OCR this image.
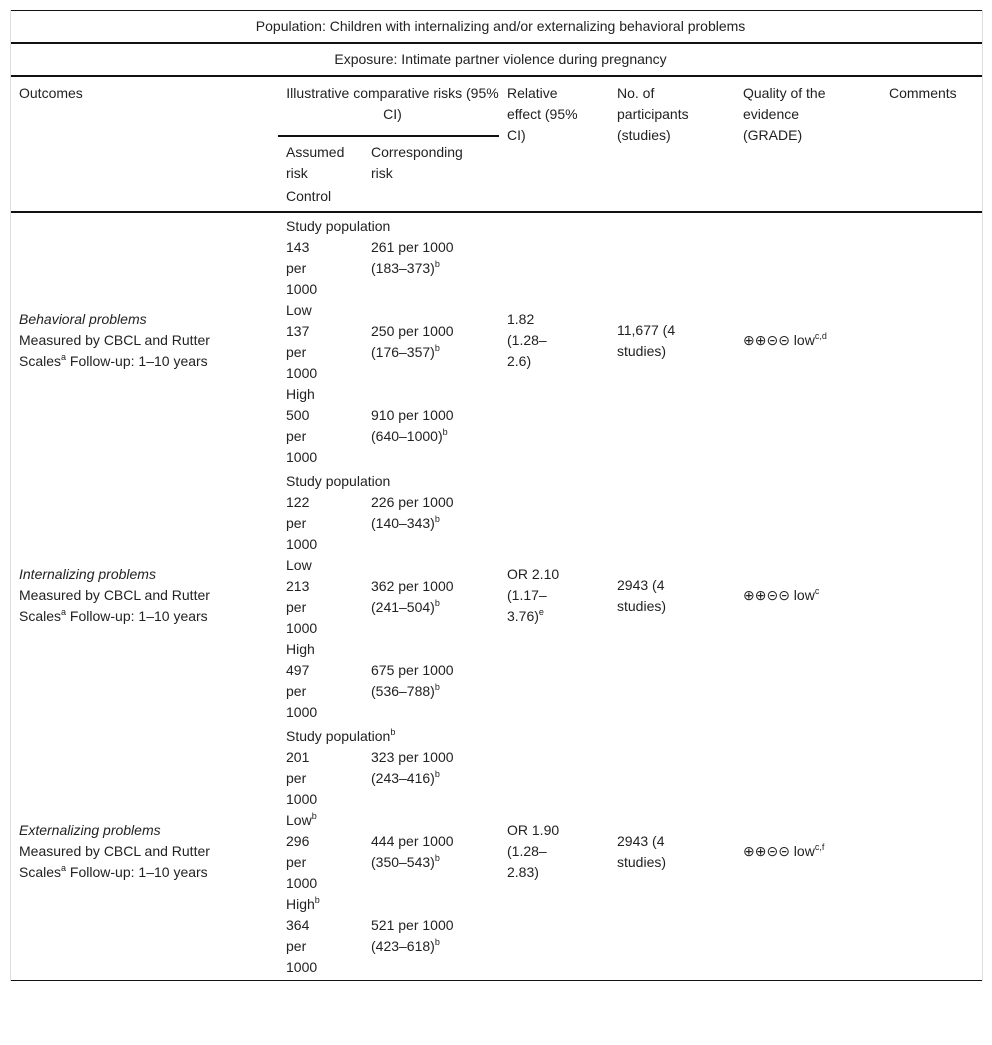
Population: Children with internalizing and/or externalizing behavioral problems						
Exposure: Intimate partner violence during pregnancy						
Outcomes	Illustrative comparative risks (95% CI)		Relative effect (95% CI)	No. of participants (studies)	Quality of the evidence (GRADE)	Comments

	Assumed risk	Corresponding risk				

	Control					

Behavioral problems
Measured by CBCL and Rutter Scales$^a$ Follow-up: 1–10 years	Study population		1.82 (1.28–2.6)	11,677 (4 studies)	⊕⊕⊝⊝ low$^{c,d}$	

	143 per 1000	261 per 1000 $(183-373)^b$

	Low					

	137 per 1000	250 per 1000 $(176-357)^b$

	High					

	500 per 1000	910 per 1000 $(640-1000)^b$

Internalizing problems
Measured by CBCL and Rutter Scales$^a$ Follow-up: 1–10 years	Study population		OR 2.10 $(1.17-3.76)^e$	2943 (4 studies)	⊕⊕⊝⊝ low$^c$	

	122 per 1000	226 per 1000 $(140-343)^b$

	Low					

	213 per 1000	362 per 1000 $(241-504)^b$

	High					

	497 per 1000	675 per 1000 $(536-788)^b$

Externalizing problems
Measured by CBCL and Rutter Scales$^a$ Follow-up: 1–10 years	Study population$^b$		OR 1.90 (1.28–2.83)	2943 (4 studies)	⊕⊕⊝⊝ low$^{c,f}$	

	201 per 1000	323 per 1000 $(243-416)^b$

	Low$^b$

	296 per 1000	444 per 1000 $(350-543)^b$

	High$^b$

	364 per 1000	521 per 1000 $(423-618)^b$
